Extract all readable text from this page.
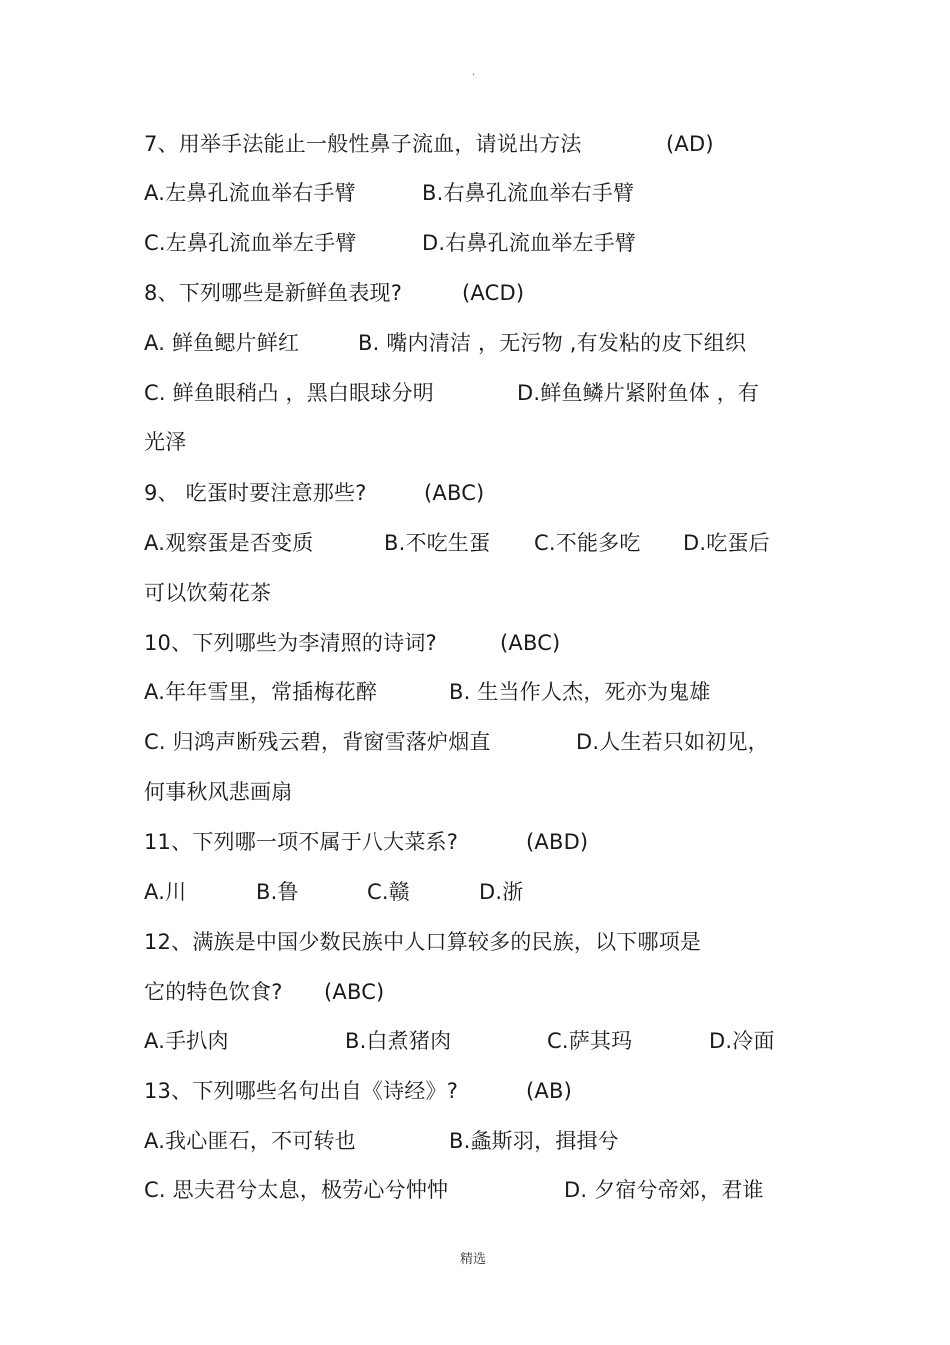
·
7、用举手法能止一般性鼻子流血，请说出方法	(AD)
A.左鼻孔流血举右手臂	B.右鼻孔流血举右手臂
C.左鼻孔流血举左手臂	D.右鼻孔流血举左手臂
8、下列哪些是新鲜鱼表现?	(ACD)
A. 鲜鱼鳃片鲜红	B. 嘴内清洁 ，无污物 ,有发粘的皮下组织
C. 鲜鱼眼稍凸 ，黑白眼球分明	D.鲜鱼鳞片紧附鱼体 ，有
光泽
9、 吃蛋时要注意那些?	(ABC)
A.观察蛋是否变质	B.不吃生蛋 C.不能多吃 D.吃蛋后
可以饮菊花茶
10、下列哪些为李清照的诗词?	(ABC)
A.年年雪里，常插梅花醉	B. 生当作人杰，死亦为鬼雄
C. 归鸿声断残云碧，背窗雪落炉烟直	D.人生若只如初见，
何事秋风悲画扇
11、下列哪一项不属于八大菜系?	(ABD)
A.川	B.鲁	C.赣	D.浙
12、满族是中国少数民族中人口算较多的民族，以下哪项是
它的特色饮食? (ABC)
A.手扒肉	B.白煮猪肉	C.萨其玛	D.冷面
13、下列哪些名句出自《诗经》?	(AB)
A.我心匪石，不可转也	B.螽斯羽，揖揖兮
C. 思夫君兮太息，极劳心兮忡忡	D. 夕宿兮帝郊，君谁
精选
